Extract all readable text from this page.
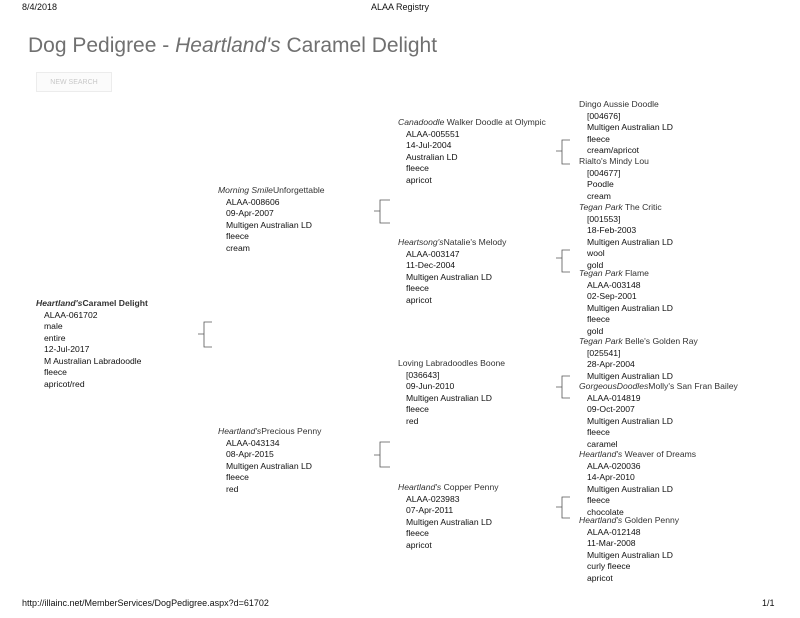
8/4/2018	ALAA Registry
Dog Pedigree - Heartland's Caramel Delight
NEW SEARCH
Heartland'sCaramel Delight
ALAA-061702
male
entire
12-Jul-2017
M Australian Labradoodle
fleece
apricot/red
Morning SmileUnforgettable
ALAA-008606
09-Apr-2007
Multigen Australian LD
fleece
cream
Heartland'sPrecious Penny
ALAA-043134
08-Apr-2015
Multigen Australian LD
fleece
red
Canadoodle Walker Doodle at Olympic
ALAA-005551
14-Jul-2004
Australian LD
fleece
apricot
Heartsong'sNatalie's Melody
ALAA-003147
11-Dec-2004
Multigen Australian LD
fleece
apricot
Loving Labradoodles Boone
[036643]
09-Jun-2010
Multigen Australian LD
fleece
red
Heartland's Copper Penny
ALAA-023983
07-Apr-2011
Multigen Australian LD
fleece
apricot
Dingo Aussie Doodle
[004676]
Multigen Australian LD
fleece
cream/apricot
Rialto's Mindy Lou
[004677]
Poodle
cream
Tegan Park The Critic
[001553]
18-Feb-2003
Multigen Australian LD
wool
gold
Tegan Park Flame
ALAA-003148
02-Sep-2001
Multigen Australian LD
fleece
gold
Tegan Park Belle's Golden Ray
[025541]
28-Apr-2004
Multigen Australian LD
GorgeousDoodlesMolly's San Fran Bailey
ALAA-014819
09-Oct-2007
Multigen Australian LD
fleece
caramel
Heartland's Weaver of Dreams
ALAA-020036
14-Apr-2010
Multigen Australian LD
fleece
chocolate
Heartland's Golden Penny
ALAA-012148
11-Mar-2008
Multigen Australian LD
curly fleece
apricot
http://illainc.net/MemberServices/DogPedigree.aspx?d=61702	1/1
